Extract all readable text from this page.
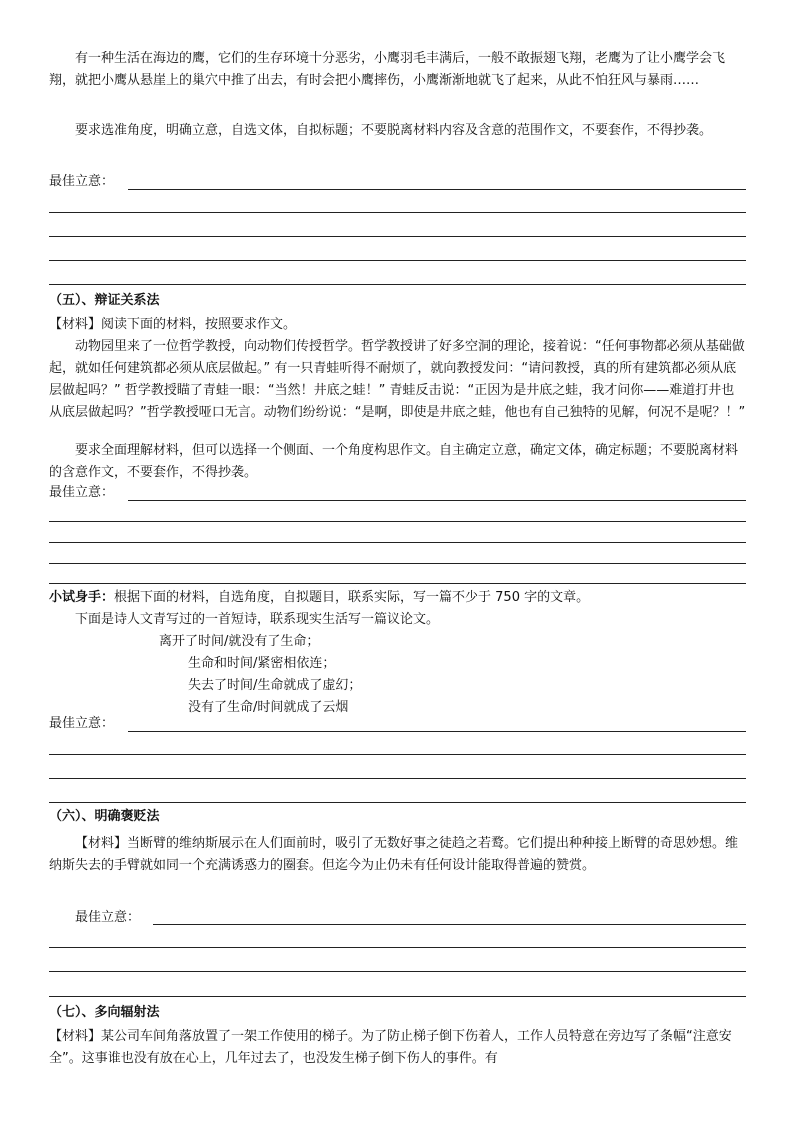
有一种生活在海边的鹰，它们的生存环境十分恶劣，小鹰羽毛丰满后，一般不敢振翅飞翔，老鹰为了让小鹰学会飞翔，就把小鹰从悬崖上的巢穴中推了出去，有时会把小鹰摔伤，小鹰渐渐地就飞了起来，从此不怕狂风与暴雨……

要求选准角度，明确立意，自选文体，自拟标题；不要脱离材料内容及含意的范围作文，不要套作，不得抄袭。

最佳立意：

（五）、辩证关系法

【材料】阅读下面的材料，按照要求作文。

动物园里来了一位哲学教授，向动物们传授哲学。哲学教授讲了好多空洞的理论，接着说：“任何事物都必须从基础做起，就如任何建筑都必须从底层做起。” 有一只青蛙听得不耐烦了，就向教授发问：“请问教授，真的所有建筑都必须从底层做起吗？” 哲学教授瞄了青蛙一眼：“当然！井底之蛙！” 青蛙反击说：“正因为是井底之蛙，我才问你——难道打井也从底层做起吗？”哲学教授哑口无言。动物们纷纷说：“是啊，即使是井底之蛙，他也有自己独特的见解，何况不是呢？！”

要求全面理解材料，但可以选择一个侧面、一个角度构思作文。自主确定立意，确定文体，确定标题；不要脱离材料的含意作文，不要套作，不得抄袭。

最佳立意：

小试身手：根据下面的材料，自选角度，自拟题目，联系实际，写一篇不少于 750 字的文章。

下面是诗人文青写过的一首短诗，联系现实生活写一篇议论文。

离开了时间/就没有了生命；
生命和时间/紧密相依连；
失去了时间/生命就成了虚幻；
没有了生命/时间就成了云烟
最佳立意：

（六）、明确褒贬法

【材料】当断臂的维纳斯展示在人们面前时，吸引了无数好事之徒趋之若鹜。它们提出种种接上断臂的奇思妙想。维纳斯失去的手臂就如同一个充满诱惑力的圈套。但迄今为止仍未有任何设计能取得普遍的赞赏。

最佳立意：

（七）、多向辐射法

【材料】某公司车间角落放置了一架工作使用的梯子。为了防止梯子倒下伤着人，工作人员特意在旁边写了条幅“注意安全”。这事谁也没有放在心上，几年过去了，也没发生梯子倒下伤人的事件。有
